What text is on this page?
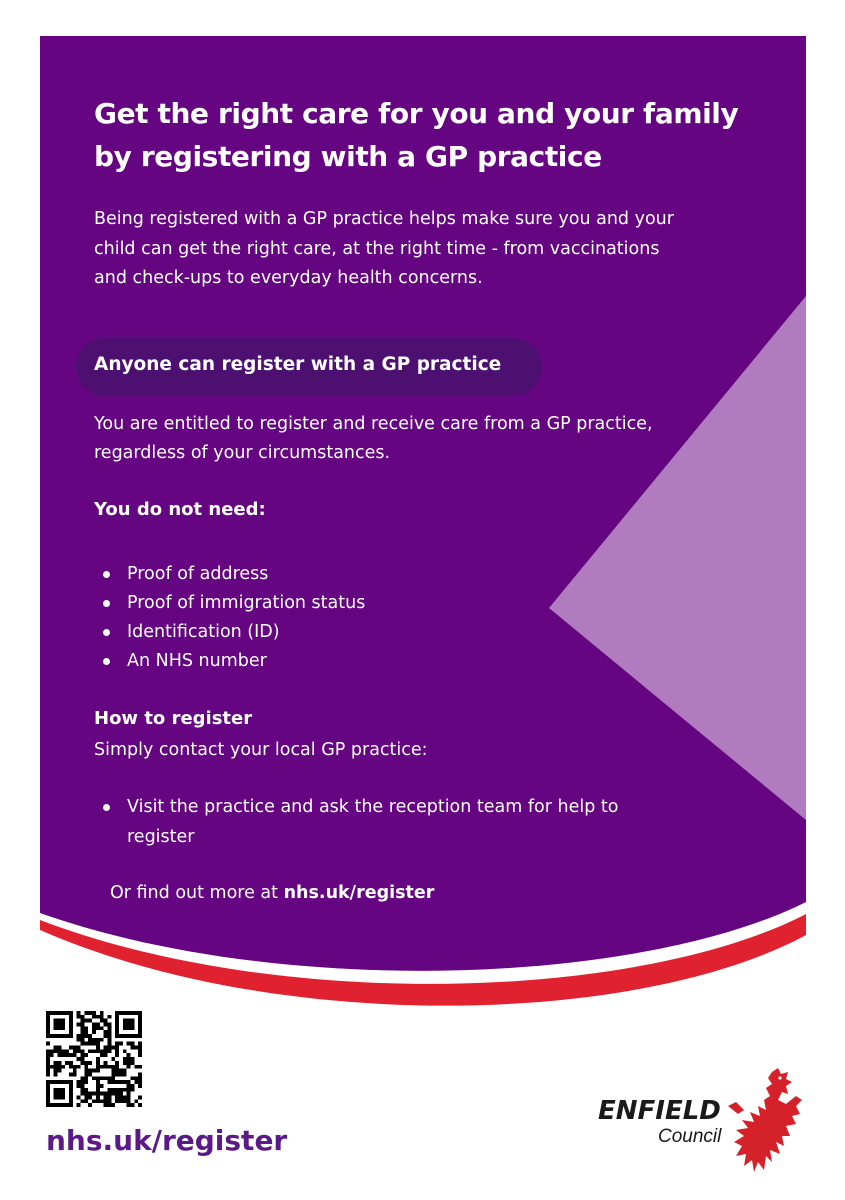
Get the right care for you and your family by registering with a GP practice

Being registered with a GP practice helps make sure you and your child can get the right care, at the right time - from vaccinations and check-ups to everyday health concerns.

Anyone can register with a GP practice

You are entitled to register and receive care from a GP practice, regardless of your circumstances.

You do not need:
Proof of address
Proof of immigration status
Identification (ID)
An NHS number
How to register

Simply contact your local GP practice:

Visit the practice and ask the reception team for help to register

Or find out more at nhs.uk/register

nhs.uk/register

ENFIELD

Council
